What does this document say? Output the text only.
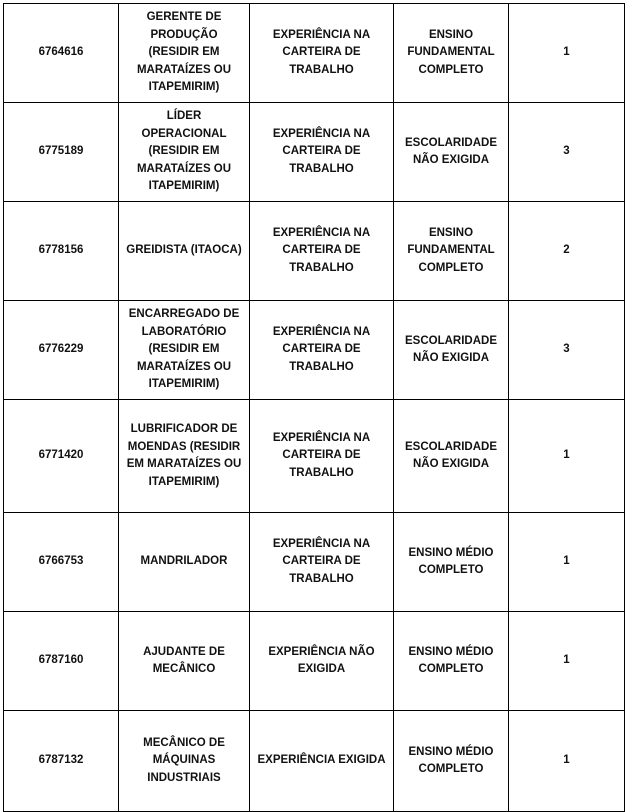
6764616	GERENTE DE PRODUÇÃO (RESIDIR EM MARATAÍZES OU ITAPEMIRIM)	EXPERIÊNCIA NA CARTEIRA DE TRABALHO	ENSINO FUNDAMENTAL COMPLETO	1
6775189	LÍDER OPERACIONAL (RESIDIR EM MARATAÍZES OU ITAPEMIRIM)	EXPERIÊNCIA NA CARTEIRA DE TRABALHO	ESCOLARIDADE NÃO EXIGIDA	3
6778156	GREIDISTA (ITAOCA)	EXPERIÊNCIA NA CARTEIRA DE TRABALHO	ENSINO FUNDAMENTAL COMPLETO	2
6776229	ENCARREGADO DE LABORATÓRIO (RESIDIR EM MARATAÍZES OU ITAPEMIRIM)	EXPERIÊNCIA NA CARTEIRA DE TRABALHO	ESCOLARIDADE NÃO EXIGIDA	3
6771420	LUBRIFICADOR DE MOENDAS (RESIDIR EM MARATAÍZES OU ITAPEMIRIM)	EXPERIÊNCIA NA CARTEIRA DE TRABALHO	ESCOLARIDADE NÃO EXIGIDA	1
6766753	MANDRILADOR	EXPERIÊNCIA NA CARTEIRA DE TRABALHO	ENSINO MÉDIO COMPLETO	1
6787160	AJUDANTE DE MECÂNICO	EXPERIÊNCIA NÃO EXIGIDA	ENSINO MÉDIO COMPLETO	1
6787132	MECÂNICO DE MÁQUINAS INDUSTRIAIS	EXPERIÊNCIA EXIGIDA	ENSINO MÉDIO COMPLETO	1
